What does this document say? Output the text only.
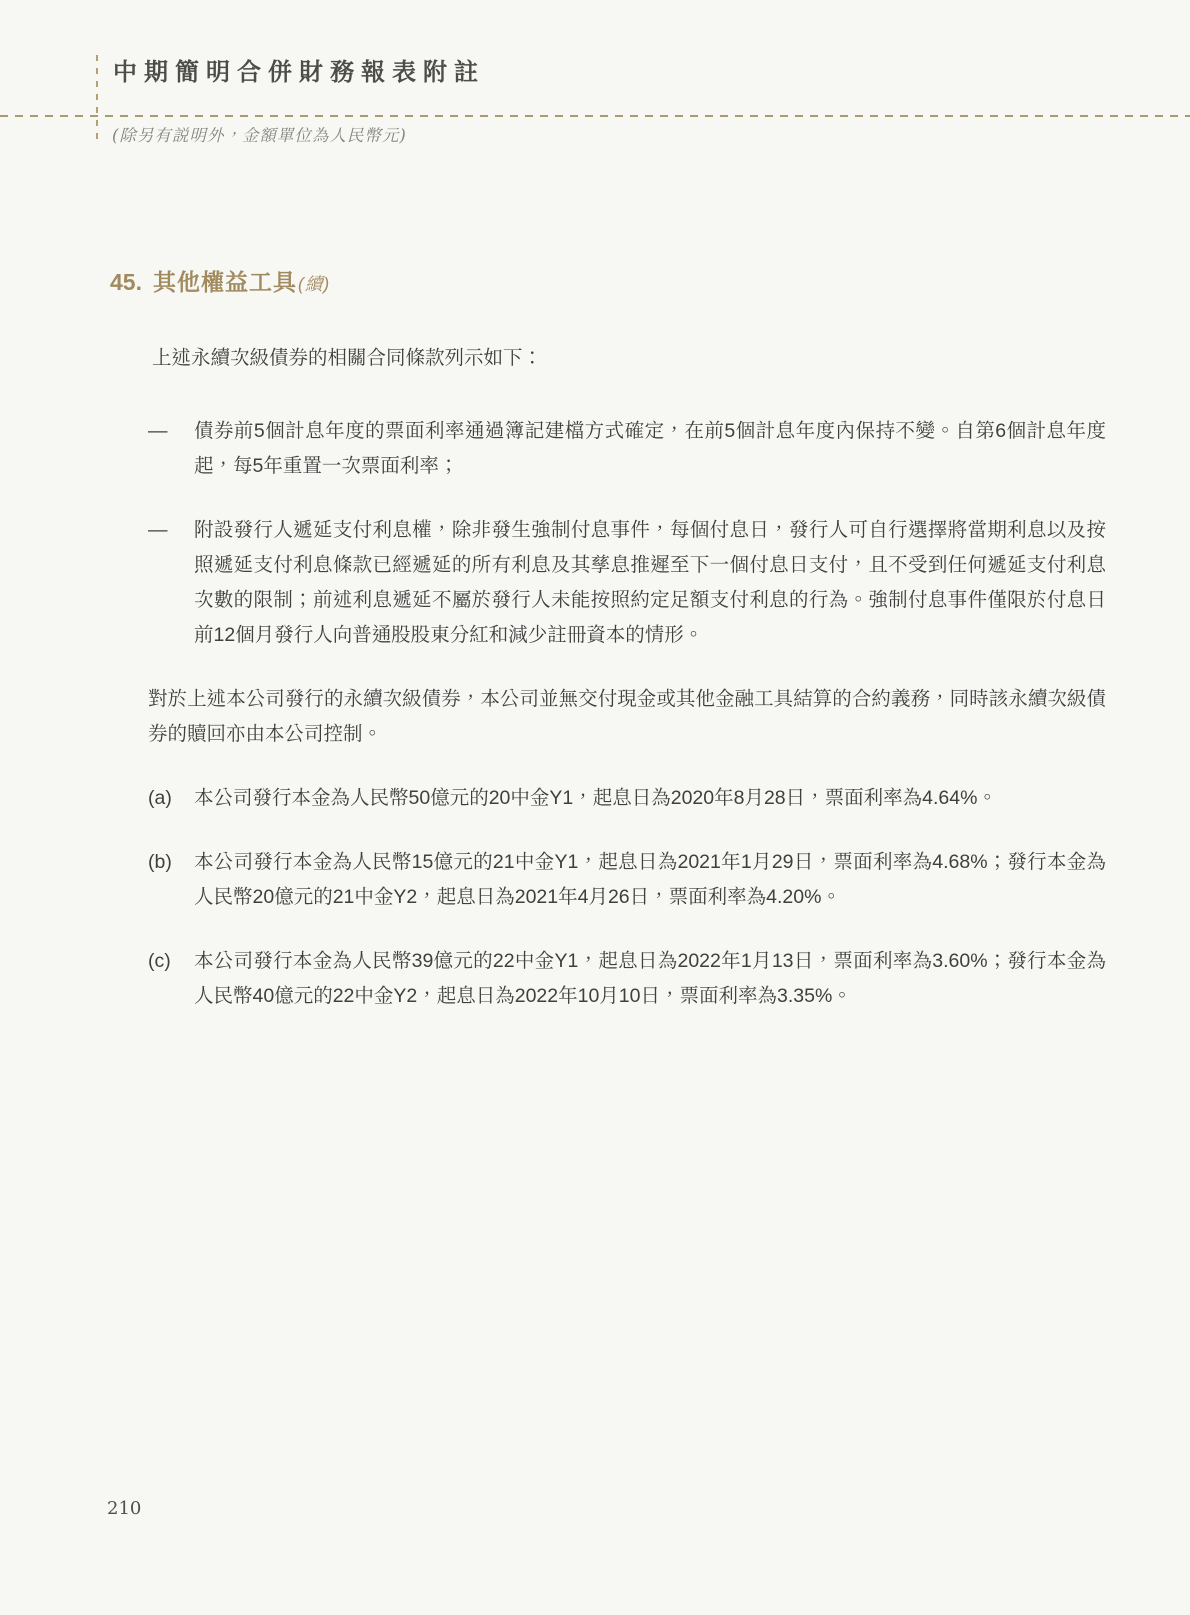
中期簡明合併財務報表附註

(除另有説明外，金額單位為人民幣元)

45. 其他權益工具(續)

上述永續次級債券的相關合同條款列示如下：

—	債券前5個計息年度的票面利率通過簿記建檔方式確定，在前5個計息年度內保持不變。自第6個計息年度起，每5年重置一次票面利率；

—	附設發行人遞延支付利息權，除非發生強制付息事件，每個付息日，發行人可自行選擇將當期利息以及按照遞延支付利息條款已經遞延的所有利息及其孳息推遲至下一個付息日支付，且不受到任何遞延支付利息次數的限制；前述利息遞延不屬於發行人未能按照約定足額支付利息的行為。強制付息事件僅限於付息日前12個月發行人向普通股股東分紅和減少註冊資本的情形。

對於上述本公司發行的永續次級債券，本公司並無交付現金或其他金融工具結算的合約義務，同時該永續次級債券的贖回亦由本公司控制。

(a)	本公司發行本金為人民幣50億元的20中金Y1，起息日為2020年8月28日，票面利率為4.64%。

(b)	本公司發行本金為人民幣15億元的21中金Y1，起息日為2021年1月29日，票面利率為4.68%；發行本金為人民幣20億元的21中金Y2，起息日為2021年4月26日，票面利率為4.20%。

(c)	本公司發行本金為人民幣39億元的22中金Y1，起息日為2022年1月13日，票面利率為3.60%；發行本金為人民幣40億元的22中金Y2，起息日為2022年10月10日，票面利率為3.35%。

210
